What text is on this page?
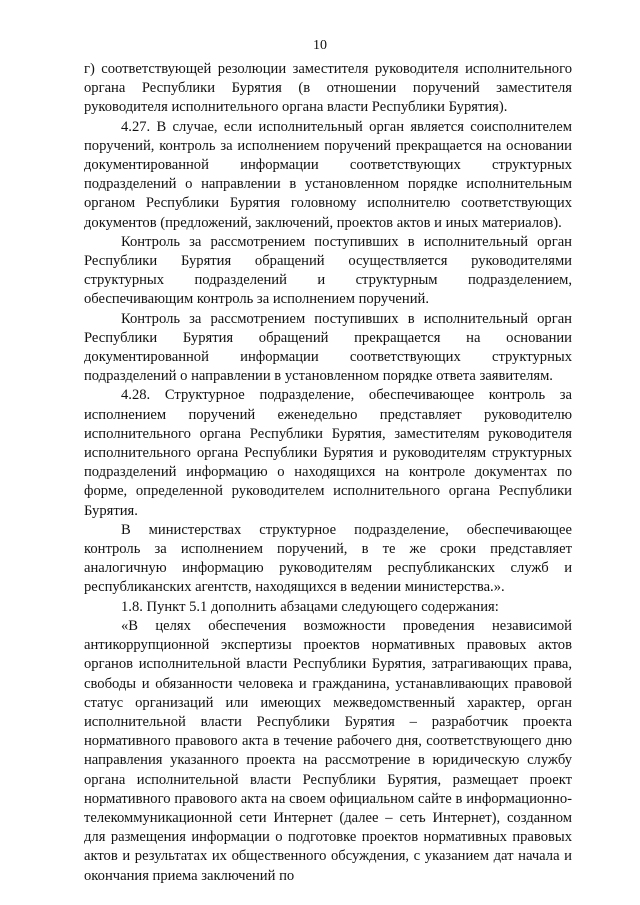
10

г) соответствующей резолюции заместителя руководителя исполнительного органа Республики Бурятия (в отношении поручений заместителя руководителя исполнительного органа власти Республики Бурятия).

4.27. В случае, если исполнительный орган является соисполнителем поручений, контроль за исполнением поручений прекращается на основании документированной информации соответствующих структурных подразделений о направлении в установленном порядке исполнительным органом Республики Бурятия головному исполнителю соответствующих документов (предложений, заключений, проектов актов и иных материалов).

Контроль за рассмотрением поступивших в исполнительный орган Республики Бурятия обращений осуществляется руководителями структурных подразделений и структурным подразделением, обеспечивающим контроль за исполнением поручений.

Контроль за рассмотрением поступивших в исполнительный орган Республики Бурятия обращений прекращается на основании документированной информации соответствующих структурных подразделений о направлении в установленном порядке ответа заявителям.

4.28. Структурное подразделение, обеспечивающее контроль за исполнением поручений еженедельно представляет руководителю исполнительного органа Республики Бурятия, заместителям руководителя исполнительного органа Республики Бурятия и руководителям структурных подразделений информацию о находящихся на контроле документах по форме, определенной руководителем исполнительного органа Республики Бурятия.

В министерствах структурное подразделение, обеспечивающее контроль за исполнением поручений, в те же сроки представляет аналогичную информацию руководителям республиканских служб и республиканских агентств, находящихся в ведении министерства.».

1.8. Пункт 5.1 дополнить абзацами следующего содержания:

«В целях обеспечения возможности проведения независимой антикоррупционной экспертизы проектов нормативных правовых актов органов исполнительной власти Республики Бурятия, затрагивающих права, свободы и обязанности человека и гражданина, устанавливающих правовой статус организаций или имеющих межведомственный характер, орган исполнительной власти Республики Бурятия – разработчик проекта нормативного правового акта в течение рабочего дня, соответствующего дню направления указанного проекта на рассмотрение в юридическую службу органа исполнительной власти Республики Бурятия, размещает проект нормативного правового акта на своем официальном сайте в информационно-телекоммуникационной сети Интернет (далее – сеть Интернет), созданном для размещения информации о подготовке проектов нормативных правовых актов и результатах их общественного обсуждения, с указанием дат начала и окончания приема заключений по
